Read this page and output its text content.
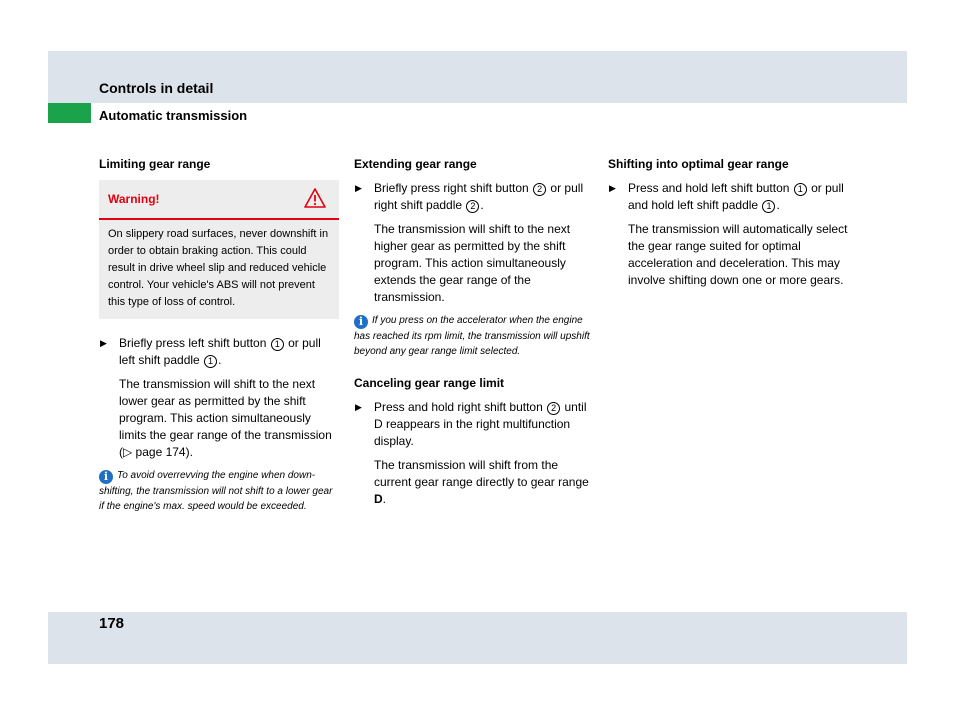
Controls in detail
Automatic transmission
Limiting gear range
Warning!
On slippery road surfaces, never downshift in order to obtain braking action. This could result in drive wheel slip and reduced vehicle control. Your vehicle's ABS will not prevent this type of loss of control.
▶ Briefly press left shift button 1 or pull left shift paddle 1 .
The transmission will shift to the next lower gear as permitted by the shift program. This action simultaneously limits the gear range of the transmission (▷ page 174).
i To avoid overrevving the engine when downshifting, the transmission will not shift to a lower gear if the engine's max. speed would be exceeded.
Extending gear range
▶ Briefly press right shift button 2 or pull right shift paddle 2 .
The transmission will shift to the next higher gear as permitted by the shift program. This action simultaneously extends the gear range of the transmission.
i If you press on the accelerator when the engine has reached its rpm limit, the transmission will upshift beyond any gear range limit selected.
Canceling gear range limit
▶ Press and hold right shift button 2 until D reappears in the right multifunction display.
The transmission will shift from the current gear range directly to gear range D.
Shifting into optimal gear range
▶ Press and hold left shift button 1 or pull and hold left shift paddle 1 .
The transmission will automatically select the gear range suited for optimal acceleration and deceleration. This may involve shifting down one or more gears.
178
